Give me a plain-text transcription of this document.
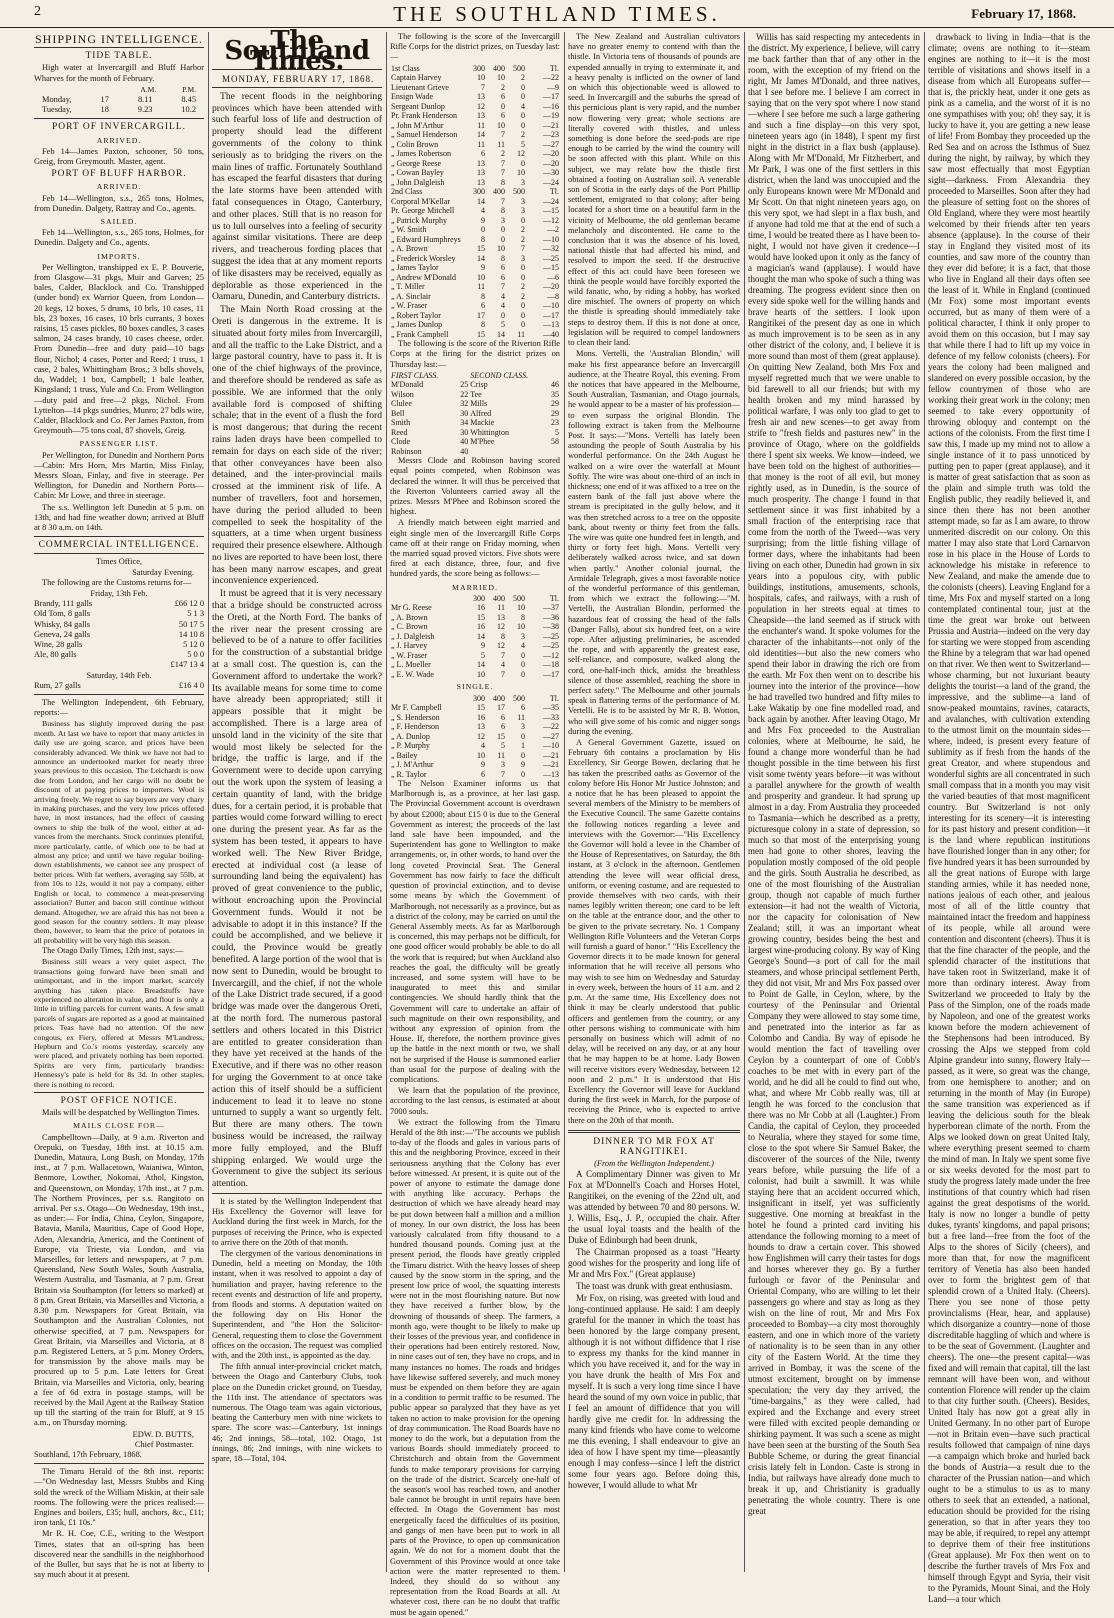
2	THE SOUTHLAND TIMES.	February 17, 1868.
SHIPPING INTELLIGENCE.
TIDE TABLE.

High water at Invercargill and Bluff Harbor Wharves for the month of February.

A.M.	P.M.
Monday,	17	8.11	8.45
Tuesday,	18	9.23	10.2
PORT OF INVERCARGILL.
ARRIVED.

Feb 14—James Paxton, schooner, 50 tons, Greig, from Greymouth. Master, agent.

PORT OF BLUFF HARBOR.
ARRIVED.

Feb 14—Wellington, s.s., 265 tons, Holmes, from Dunedin. Dalgety, Rattray and Co., agents.

SAILED.

Feb 14—Wellington, s.s., 265 tons, Holmes, for Dunedin. Dalgety and Co., agents.

IMPORTS.

Per Wellington, transhipped ex E. P. Bouverie, from Glasgow—31 pkgs, Muir and Garven; 25 bales, Calder, Blacklock and Co. Transhipped (under bond) ex Warrior Queen, from London—20 kegs, 12 boxes, 5 drums, 10 brls, 10 cases, 11 bls, 23 boxes, 16 cases, 10 brls currants, 3 boxes raisins, 15 cases pickles, 80 boxes candles, 3 cases salmon, 24 cases brandy, 10 cases cheese, order. From Dunedin—free and duty paid—10 bags flour, Nichol; 4 cases, Porter and Reed; 1 truss, 1 case, 2 bales, Whittingham Bros.; 3 bdls shovels, do, Waddel; 1 box, Campbell; 1 bale leather, Kingsland; 1 truss, Yule and Co. From Wellington—duty paid and free—2 pkgs, Nichol. From Lyttelton—14 pkgs sundries, Munro; 27 bdls wire, Calder, Blacklock and Co. Per James Paxton, from Greymouth—75 tons coal, 87 shovels, Greig.

PASSENGER LIST.

Per Wellington, for Dunedin and Northern Ports—Cabin: Mrs Horn, Mrs Martin, Miss Finlay, Messrs Sloan, Finlay, and five in steerage. Per Wellington, for Dunedin and Northern Ports—Cabin: Mr Lowe, and three in steerage.

The s.s. Wellington left Dunedin at 5 p.m. on 13th, and had fine weather down; arrived at Bluff at 8 30 a.m. on 14th.

COMMERCIAL INTELLIGENCE.
Times Office,
Saturday Evening.

The following are the Customs returns for—

Friday, 13th Feb.
Brandy, 111 galls	£66 12 0
Old Tom, 8 galls	5 1 3
Whisky, 84 galls	50 17 5
Geneva, 24 galls	14 10 8
Wine, 28 galls	5 12 0
Ale, 80 galls	5 0 0
£147 13 4
Saturday, 14th Feb.
Rum, 27 galls	£16 4 0

The Wellington Independent, 6th February, reports:—

Business has slightly improved during the past month. At last we have to report that many articles in daily use are going scarce, and prices have been considerably advanced. We think we have not had to announce an undertooked market for nearly three years previous to this occasion. The Leichardt is now due from London, and her cargo will no doubt be discount of at paying prices to importers. Wool is arriving freely. We regret to say buyers are very chary in making purchases, and the very low prices offered have, in most instances, had the effect of causing owners to ship the bulk of the wool, either at ad-vances from the merchants. Stock continues plentiful, more particularly, cattle, of which one to be had at almost any price; and until we have regular boiling-down establishments, we cannot see any prospect of better prices. With fat wethers, averaging say 55lb, at from 10s to 12s, would it not pay a company, either English or local, to commence a meat-preserving association? Butter and bacon still continue without demand. Altogether, we are afraid this has not been a good season for the country settlers. It may please them, however, to learn that the price of potatoes in all probability will be very high this season.

The Otago Daily Times, 12th inst, says:—

Business still wears a very quiet aspect. The transactions going forward have been small and unimportant, and in the import market, scarcely anything has taken place. Breadstuffs have experienced no alteration in value, and flour is only a little in trifling parcels for current wants. A few small parcels of sugars are reported as a good at maintained prices. Teas have had no attention. Of the new congous, ex Fiery, offered at Messrs M'Landress, Hepburn and Co.'s rooms yesterday, scarcely any were placed, and privately nothing has been reported. Spirits are very firm, particularly brandies: Hennessy's pale is held for 8s 3d. In other staples, there is nothing to record.

POST OFFICE NOTICE.

Mails will be despatched by Wellington Times.

MAILS CLOSE FOR—

Campbelltown—Daily, at 9 a.m. Riverton and Orepuki, on Tuesday, 18th inst. at 10.15 a.m. Dunedin, Mataura, Long Bush, on Monday, 17th inst., at 7 p.m. Wallacetown, Waianiwa, Winton, Benmore, Lowther, Nokomai, Athol, Kingston, and Queenstown, on Monday, 17th inst., at 7 p.m. The Northern Provinces, per s.s. Rangitoto on arrival. Per s.s. Otago—On Wednesday, 19th inst., as under:— For India, China, Ceylon, Singapore, Batavia, Manila, Mauritius, Cape of Good Hope, Aden, Alexandria, America, and the Continent of Europe, via Trieste, via London, and via Marseilles, for letters and newspapers, at 7 p.m. Queensland, New South Wales, South Australia, Western Australia, and Tasmania, at 7 p.m. Great Britain via Southampton (for letters so marked) at 8 p.m. Great Britain, via Marseilles and Victoria, a 8.30 p.m. Newspapers for Great Britain, via Southampton and the Australian Colonies, not otherwise specified, at 7 p.m. Newspapers for Great Britain, via Marseilles and Victoria, at 8 p.m. Registered Letters, at 5 p.m. Money Orders, for transmission by the above mails may be procured up to 5 p.m. Late letters for Great Britain, via Marseilles and Victoria, only, bearing a fee of 6d extra in postage stamps, will be received by the Mail Agent at the Railway Station up till the starting of the train for Bluff, at 9 15 a.m., on Thursday morning.

EDW. D. BUTTS,
Chief Postmaster.
Southland, 17th February, 1868.

The Timaru Herald of the 8th inst. reports:—"On Wednesday last, Messrs Stubbs and King sold the wreck of the William Miskin, at their sale rooms. The following were the prices realised:—Engines and boilers, £35; hull, anchors, &c., £11; iron tank, £1 10s."

Mr R. H. Coe, C.E., writing to the Westport Times, states that an oil-spring has been discovered near the sandhills in the neighborhood of the Buller, but says that he is not at liberty to say much about it at present.

The Southland Times.
MONDAY, FEBRUARY 17, 1868.

The recent floods in the neighboring provinces which have been attended with such fearful loss of life and destruction of property should lead the different governments of the colony to think seriously as to bridging the rivers on the main lines of traffic. Fortunately Southland has escaped the fearful disasters that during the late storms have been attended with fatal consequences in Otago, Canterbury, and other places. Still that is no reason for us to lull ourselves into a feeling of security against similar visitations. There are deep rivers, and treacherous fording places that suggest the idea that at any moment reports of like disasters may be received, equally as deplorable as those experienced in the Oamaru, Dunedin, and Canterbury districts.

The Main North Road crossing at the Oreti is dangerous in the extreme. It is situated about forty miles from Invercargill, and all the traffic to the Lake District, and a large pastoral country, have to pass it. It is one of the chief highways of the province, and therefore should be rendered as safe as possible. We are informed that the only available ford is composed of shifting schale; that in the event of a flush the ford is most dangerous; that during the recent rains laden drays have been compelled to remain for days on each side of the river; that other conveyances have been also detained, and the inter-provincial mails crossed at the imminent risk of life. A number of travellers, foot and horsemen, have during the period alluded to been compelled to seek the hospitality of the squatters, at a time when urgent business required their presence elsewhere. Although no lives are reported to have been lost, there has been many narrow escapes, and great inconvenience experienced.

It must be agreed that it is very necessary that a bridge should be constructed across the Oreti, at the North Ford. The banks of the river near the present crossing are believed to be of a nature to offer facilities for the construction of a substantial bridge at a small cost. The question is, can the Government afford to undertake the work? Its available means for some time to come have already been appropriated; still it appears possible that it might be accomplished. There is a large area of unsold land in the vicinity of the site that would most likely be selected for the bridge, the traffic is large, and if the Government were to decide upon carrying out the work upon the system of leasing a certain quantity of land, with the bridge dues, for a certain period, it is probable that parties would come forward willing to erect one during the present year. As far as the system has been tested, it appears to have worked well. The New River Bridge, erected at individual cost (a lease of surrounding land being the equivalent) has proved of great convenience to the public, without encroaching upon the Provincial Government funds. Would it not be advisable to adopt it in this instance? If the could be accomplished, and we believe it could, the Province would be greatly benefited. A large portion of the wool that is now sent to Dunedin, would be brought to Invercargill, and the chief, if not the whole of the Lake District trade secured, if a good bridge was made over the dangerous Oreti, at the north ford. The numerous pastoral settlers and others located in this District are entitled to greater consideration than they have yet received at the hands of the Executive, and if there was no other reason for urging the Government to at once take action this of itself should be a sufficient inducement to lead it to leave no stone unturned to supply a want so urgently felt. But there are many others. The town business would be increased, the railway more fully employed, and the Bluff shipping enlarged. We would urge the Government to give the subject its serious attention.

It is stated by the Wellington Independent that His Excellency the Governor will leave for Auckland during the first week in March, for the purposes of receiving the Prince, who is expected to arrive there on the 20th of that month.

The clergymen of the various denominations in Dunedin, held a meeting on Monday, the 10th instant, when it was resolved to appoint a day of humiliation and prayer, having reference to the recent events and destruction of life and property, from floods and storms. A deputation waited on the following day on His Honor the Superintendent, and "the Hon the Solicitor-General, requesting them to close the Government offices on the occasion. The request was complied with, and the 20th inst., is appointed as the day.

The fifth annual inter-provincial cricket match, between the Otago and Canterbury Clubs, took place on the Dunedin cricket ground, on Tuesday, the 11th inst. The attendance of spectators was numerous. The Otago team was again victorious, beating the Canterbury men with nine wickets to spare. The score was:—Canterbury, 1st innings 46; 2nd innings, 58—total, 102. Otago, 1st innings, 86; 2nd innings, with nine wickets to spare, 18—Total, 104.

The following is the score of the Invercargill Rifle Corps for the district prizes, on Tuesday last:—

1st Class	300	400	500	Tl.
Captain Harvey	10	10	2	—22
Lieutenant Grieve	7	2	0	—9
Ensign Wade	13	6	0	—17
Sergeant Dunlop	12	0	4	—16
Pr. Frank Henderson	13	6	0	—19
„ John M'Arthur	11	10	0	—21
„ Samuel Henderson	14	7	2	—23
„ Colin Brown	11	11	5	—27
„ James Robertson	6	2	12	—20
„ George Reese	13	7	0	—20
„ Cowan Bayley	13	7	10	—30
„ John Dalgleish	13	8	3	—24
2nd Class	300	400	500	Tl.
Corporal M'Kellar	14	7	3	—24
Pr. George Mitchell	4	8	3	—15
„ Patrick Murphy	9	3	0	—12
„ W. Smith	0	0	2	—2
„ Edward Humphreys	8	0	2	—10
„ A. Brown	15	10	7	—32
„ Frederick Worsley	14	8	3	—25
„ James Taylor	9	6	0	—15
„ Andrew M'Donald	10	6	0	—6
„ T. Miller	11	7	2	—20
„ A. Sinclair	8	4	2	—8
„ W. Fraser	6	4	0	—10
„ Robert Taylor	17	0	0	—17
„ James Dunlop	8	5	0	—13
„ Frank Campbell	15	14	11	—40

The following is the score of the Riverton Rifle Corps at the firing for the district prizes on Thursday last:—

FIRST CLASS.		SECOND CLASS.	
M'Donald	25	Crisp	46
Wilson	22	Tee	35
Clulee	32	Mills	29
Bell	30	Alfred	29
Smith	34	Mackie	23
Reed	30	Whittington	5
Clode	40	M'Phee	58
Robinson	40		

Messrs Clode and Robinson having scored equal points competed, when Robinson was declared the winner. It will thus be perceived that the Riverton Volunteers carried away all the prizes. Messrs M'Phee and Robinson scored the highest.

A friendly match between eight married and eight single men of the Invercargill Rifle Corps came off at their range on Friday morning, when the married squad proved victors. Five shots were fired at each distance, three, four, and five hundred yards, the score being as follows:—

MARRIED.
	300	400	500	Tl.
Mr G. Reese	16	11	10	—37
„ A. Brown	15	13	8	—36
„ C. Brown	16	12	10	—38
„ J. Dalgleish	14	8	3	—25
„ J. Harvey	9	12	4	—25
„ W. Fraser	5	7	0	—12
„ L. Moeller	14	4	0	—18
„ E. W. Wade	10	7	0	—17
SINGLE.
	300	400	500	Tl.
Mr F. Campbell	15	17	6	—35
„ S. Henderson	16	6	11	—33
„ F. Henderson	13	6	3	—22
„ A. Dunlop	12	15	0	—27
„ P. Murphy	4	5	1	—10
„ Bailey	10	11	0	—21
„ J. M'Arthur	9	3	9	—21
„ R. Taylor	6	7	0	—13

The Nelson Examiner informs us that Marlborough is, as a province, at her last gasp. The Provincial Government account is overdrawn by about £2000; about £15 0 is due to the General Government as interest; the proceeds of the last land sale have been impounded, and the Superintendent has gone to Wellington to make arrangements, or, in other words, to hand over the long coveted Provincial Seat. The General Government has now fairly to face the difficult question of provincial extinction, and to devise some means by which the Government of Marlborough, not necessarily as a province, but as a district of the colony, may be carried on until the General Assembly meets. As far as Marlborough is concerned, this may perhaps not be difficult, for one good officer would probably be able to do all the work that is required; but when Auckland also reaches the goal, the difficulty will be greatly increased, and some system will have to be inaugurated to meet this and similar contingencies. We should hardly think that the Government will care to undertake an affair of such magnitude on their own responsibility, and without any expression of opinion from the House. If, therefore, the northern province gives up the battle in the next month or two, we shall not be surprised if the House is summoned earlier than usual for the purpose of dealing with the complications.

We learn that the population of the province, according to the last census, is estimated at about 7000 souls.

We extract the following from the Timaru Herald of the 8th inst:—"The accounts we publish to-day of the floods and gales in various parts of this and the neighboring Province, exceed in their seriousness anything that the Colony has ever before witnessed. At present, it is quite out of the power of anyone to estimate the damage done with anything like accuracy. Perhaps the destruction of which we have already heard may be put down between half a million and a million of money. In our own district, the loss has been variously calculated from fifty thousand to a hundred thousand pounds. Coming just at the present period, the floods have greatly crippled the Timaru district. With the heavy losses of sheep caused by the snow storm in the spring, and the present low price of wool, the squatting interests were not in the most flourishing nature. But now they have received a further blow, by the drowning of thousands of sheep. The farmers, a month ago, were thought to be likely to make up their losses of the previous year, and confidence in their operations had been entirely restored. Now, in nine cases out of ten, they have no crops, and in many instances no homes. The roads and bridges have likewise suffered severely, and much money must be expended on them before they are again in a condition to permit traffic to be resumed. The public appear so paralyzed that they have as yet taken no action to make provision for the opening of dray communication. The Road Boards have no money to do the work, but a deputation from the various Boards should immediately proceed to Christchurch and obtain from the Government funds to make temporary provisions for carrying on the trade of the district. Scarcely one-half of the season's wool has reached town, and another bale cannot be brought in until repairs have been effected. In Otago the Government has most energetically faced the difficulties of its position, and gangs of men have been put to work in all parts of the Province, to open up communication again. We do not for a moment doubt that the Government of this Province would at once take action were the matter represented to them. Indeed, they should do so without any representation from the Road Boards at all. At whatever cost, there can be no doubt that traffic must be again opened."

The New Zealand and Australian cultivators have no greater enemy to contend with than the thistle. In Victoria tens of thousands of pounds are expended annually in trying to exterminate it, and a heavy penalty is inflicted on the owner of land on which this objectionable weed is allowed to seed. In Invercargill and the suburbs the spread of this pernicious plant is very rapid, and the number now flowering very great; whole sections are literally covered with thistles, and unless something is done before the seed-pods are ripe enough to be carried by the wind the country will be soon affected with this plant. While on this subject, we may relate how the thistle first obtained a footing on Australian soil. A venerable son of Scotia in the early days of the Port Phillip settlement, emigrated to that colony; after being located for a short time on a beautiful farm in the vicinity of Melbourne, the old gentleman became melancholy and discontented. He came to the conclusion that it was the absence of his loved, national thistle that had affected his mind, and resolved to import the seed. If the destructive effect of this act could have been foreseen we think the people would have forcibly exported the wild fanatic, who, by riding a hobby, has worked dire mischief. The owners of property on which the thistle is spreading should immediately take steps to destroy them. If this is not done at once, legislation will be required to compel landowners to clean their land.

Mons. Vertelli, the 'Australian Blondin,' will make his first appearance before an Invercargill audience, at the Theatre Royal, this evening. From the notices that have appeared in the Melbourne, South Australian, Tasmanian, and Otago journals, he would appear to be a master of his profession—to even surpass the original Blondin. The following extract is taken from the Melbourne Post. It says:—"Mons. Vertelli has lately been astounding the people of South Australia by his wonderful performance. On the 24th August he walked on a wire over the waterfall at Mount Softly. The wire was about one-third of an inch in thickness; one end of it was affixed to a tree on the eastern bank of the fall just above where the stream is precipitated in the gully below, and it was then stretched across to a tree on the opposite bank, about twenty or thirty feet from the falls. The wire was quite one hundred feet in length, and thirty or forty feet high. Mons. Vertelli very deliberately walked across twice, and sat down when partly." Another colonial journal, the Armidale Telegraph, gives a most favorable notice of the wonderful performance of this gentleman, from which we extract the following:—"M. Vertelli, the Australian Blondin, performed the hazardous feat of crossing the head of the falls (Danger Falls), about six hundred feet, on a wire rope. After adjusting preliminaries, he ascended the rope, and with apparently the greatest ease, self-reliance, and composure, walked along the cord, one-half-inch thick, amidst the breathless silence of those assembled, reaching the shore in perfect safety." The Melbourne and other journals speak in flattering terms of the performance of M. Vertelli. He is to be assisted by Mr R. B. Wotton, who will give some of his comic and nigger songs during the evening.

A General Government Gazette, issued on February 6th contains a proclamation by His Excellency, Sir George Bowen, declaring that he has taken the prescribed oaths as Governor of the colony before His Honor Mr Justice Johnston; and a notice that he has been pleased to appoint the several members of the Ministry to be members of the Executive Council. The same Gazette contains the following notices regarding a levee and interviews with the Governor:—"His Excellency the Governor will hold a levee in the Chamber of the House of Representatives, on Saturday, the 8th instant, at 3 o'clock in the afternoon. Gentlemen attending the levee will wear official dress, uniform, or evening costume, and are requested to provide themselves with two cards, with their names legibly written thereon; one card to be left on the table at the entrance door, and the other to be given to the private secretary. No. 1 Company Wellington Rifle Volunteers and the Veteran Corps will furnish a guard of honor." "His Excellency the Governor directs it to be made known for general information that he will receive all persons who may wish to see him on Wednesday and Saturday in every week, between the hours of 11 a.m. and 2 p.m. At the same time, His Excellency does not think it may be clearly understood that public officers and gentlemen from the country, or any other persons wishing to communicate with him personally on business which will admit of no delay, will be received on any day, or at any hour that he may happen to be at home. Lady Bowen will receive visitors every Wednesday, between 12 noon and 2 p.m." It is understood that His Excellency the Governor will leave for Auckland during the first week in March, for the purpose of receiving the Prince, who is expected to arrive there on the 20th of that month.

DINNER TO MR FOX AT RANGITIKEI.
(From the Wellington Independent.)

A Complimentary Dinner was given to Mr Fox at M'Donnell's Coach and Horses Hotel, Rangitikei, on the evening of the 22nd ult, and was attended by between 70 and 80 persons. W. J. Willis, Esq., J. P., occupied the chair. After the usual loyal toasts and the health of the Duke of Edinburgh had been drunk,

The Chairman proposed as a toast "Hearty good wishes for the prosperity and long life of Mr and Mrs Fox." (Great applause)

The toast was drunk with great enthusiasm.

Mr Fox, on rising, was greeted with loud and long-continued applause. He said: I am deeply grateful for the manner in which the toast has been honored by the large company present, although it is not without diffidence that I rise to express my thanks for the kind manner in which you have received it, and for the way in you have drunk the health of Mrs Fox and myself. It is such a very long time since I have heard the sound of my own voice in public, that I feel an amount of diffidence that you will hardly give me credit for. In addressing the many kind friends who have come to welcome me this evening, I shall endeavour to give an idea of how I have spent my time—pleasantly enough I may confess—since I left the district some four years ago. Before doing this, however, I would allude to what Mr

Willis has said respecting my antecedents in the district. My experience, I believe, will carry me back farther than that of any other in the room, with the exception of my friend on the right, Mr James M'Donald, and three natives, that I see before me. I believe I am correct in saying that on the very spot where I now stand—where I see before me such a large gathering and such a fine display—on this very spot, nineteen years ago (in 1848), I spent my first night in the district in a flax bush (applause). Along with Mr M'Donald, Mr Fitzherbert, and Mr Park, I was one of the first settlers in this district, when the land was unoccupied and the only Europeans known were Mr M'Donald and Mr Scott. On that night nineteen years ago, on this very spot, we had slept in a flax bush, and if anyone had told me that at the end of such a time, I would be treated there as I have been to-night, I would not have given it credence—I would have looked upon it only as the fancy of a magician's wand (applause). I would have thought the man who spoke of such a thing was dreaming. The progress evident since then on every side spoke well for the willing hands and brave hearts of the settlers. I look upon Rangitikei of the present day as one in which as much improvement is to be seen as in any other district of the colony, and, I believe it is more sound than most of them (great applause). On quitting New Zealand, both Mrs Fox and myself regretted much that we were unable to bid farewell to all our friends; but with my health broken and my mind harassed by political warfare, I was only too glad to get to fresh air and new scenes—to get away from strife to "fresh fields and pastures new" in the province of Otago, where on the goldfields there I spent six weeks. We know—indeed, we have been told on the highest of authorities—that money is the root of all evil, but money rightly used, as in Dunedin, is the source of much prosperity. The change I found in that settlement since it was first inhabited by a small fraction of the enterprising race that come from the north of the Tweed—was very surprising; from the little fishing village of former days, where the inhabitants had been living on each other, Dunedin had grown in six years into a populous city, with public buildings, institutions, amusements, schools, hospitals, cafes, and railways, with a rush of population in her streets equal at times to Cheapside—the land seemed as if struck with the enchanter's wand. It spoke volumes for the character of the inhabitants—not only of the old identities—but also the new comers who spend their labor in drawing the rich ore from the earth. Mr Fox then went on to describe his journey into the interior of the province—how he had travelled two hundred and fifty miles to Lake Wakatip by one fine modelled road, and back again by another. After leaving Otago, Mr and Mrs Fox proceeded to the Australian colonies, where at Melbourne, he said, he found a change more wonderful than he had thought possible in the time between his first visit some twenty years before—it was without a parallel anywhere for the growth of wealth and prosperity and grandeur. It had sprung up almost in a day. From Australia they proceeded to Tasmania—which he described as a pretty, picturesque colony in a state of depression, so much so that most of the enterprising young men had gone to other shores, leaving the population mostly composed of the old people and the girls. South Australia he described, as one of the most flourishing of the Australian group, though not capable of much further extension—it had not the wealth of Victoria, nor the capacity for colonisation of New Zealand; still, it was an important wheat growing country, besides being the best and largest wine-producing colony. By way of King George's Sound—a port of call for the mail steamers, and whose principal settlement Perth, they did not visit, Mr and Mrs Fox passed over to Point de Galle, in Ceylon, where, by the courtesy of the Peninsular and Oriental Company they were allowed to stay some time, and penetrated into the interior as far as Colombo and Candia. By way of episode he would mention the fact of travelling over Ceylon by a counterpart of one of Cobb's coaches to be met with in every part of the world, and he did all he could to find out who, what, and where Mr Cobb really was, till at length he was forced to the conclusion that there was no Mr Cobb at all (Laughter.) From Candia, the capital of Ceylon, they proceeded to Neuralia, where they stayed for some time, close to the spot where Sir Samuel Baker, the discoverer of the sources of the Nile, twenty years before, while pursuing the life of a colonist, had built a sawmill. It was while staying here that an accident occurred which, insignificant in itself, yet was sufficiently suggestive. One morning at breakfast in the hotel he found a printed card inviting his attendance the following morning to a meet of hounds to draw a certain cover. This showed how Englishmen will carry their tastes for dogs and horses wherever they go. By a further furlough or favor of the Peninsular and Oriental Company, who are willing to let their passengers go where and stay as long as they wish on the line of rout, Mr and Mrs Fox proceeded to Bombay—a city most thoroughly eastern, and one in which more of the variety of nationality is to be seen than in any other city of the Eastern World. At the time they arrived in Bombay, it was the scene of the utmost excitement, brought on by immense speculation; the very day they arrived, the "time-bargains," as they were called, had expired and the Exchange and every street were filled with excited people demanding or shirking payment. It was such a scene as might have been seen at the bursting of the South Sea Bubble Scheme, or during the great financial crisis lately felt in London. Caste is strong in India, but railways have already done much to break it up, and Christianity is gradually penetrating the whole country. There is one great

drawback to living in India—that is the climate; ovens are nothing to it—steam engines are nothing to it—it is the most terrible of visitations and shows itself in a disease from which all Europeans suffer—that is, the prickly heat, under it one gets as pink as a camelia, and the worst of it is no one sympathises with you; oh! they say, it is lucky to have it, you are getting a new lease of life! From Bombay they proceeded up the Red Sea and on across the Isthmus of Suez during the night, by railway, by which they saw most effectually that most Egyptian sight—darkness. From Alexandria they proceeded to Marseilles. Soon after they had the pleasure of setting foot on the shores of Old England, where they were most heartily welcomed by their friends after ten years absence (applause). In the course of their stay in England they visited most of its counties, and saw more of the country than they ever did before; it is a fact, that those who live in England all their days often see the least of it. While in England (continued (Mr Fox) some most important events occurred, but as many of them were of a political character, I think it only proper to avoid them on this occasion, but I may say that while there I had to lift up my voice in defence of my fellow colonists (cheers). For years the colony had been maligned and slandered on every possible occasion, by the fellow countrymen of those who are working their great work in the colony; men seemed to take every opportunity of throwing obloquy and contempt on the actions of the colonists. From the first time I saw this, I made up my mind not to allow a single instance of it to pass unnoticed by putting pen to paper (great applause), and it is matter of great satisfaction that as soon as the plain and simple truth was told the English public, they readily believed it, and since then there has not been another attempt made, so far as I am aware, to throw unmerited discredit on our colony. On this matter I may also state that Lord Carnarvon rose in his place in the House of Lords to acknowledge his mistake in reference to New Zealand, and make the amende due to the colonists (cheers). Leaving England for a time, Mrs Fox and myself started on a long contemplated continental tour, just at the time the great war broke out between Prussia and Austria—indeed on the very day for starting we were stopped from ascending the Rhine by a telegram that war had opened on that river. We then went to Switzerland—whose charming, but not luxuriant beauty delights the tourist—a land of the grand, the impressive, and the sublime—a land of snow-peaked mountains, ravines, cataracts, and avalanches, with cultivation extending to the utmost limit on the mountain sides—where, indeed, is present every feature of sublimity as if fresh from the hands of the great Creator, and where stupendous and wonderful sights are all concentrated in such small compass that in a month you may visit the varied beauties of that most magnificent country. But Switzerland is not only interesting for its scenery—it is interesting for its past history and present condition—it is the land where republican institutions have flourished longer than in any other; for five hundred years it has been surrounded by all the great nations of Europe with large standing armies, while it has needed none, nations jealous of each other, and jealous most of all of the little country that maintained intact the freedom and happiness of its people, while all around were contention and discontent (cheers). Thus it is that the fine character of the people, and the splendid character of the institutions that have taken root in Switzerland, make it of more than ordinary interest. Away from Switzerland we proceeded to Italy by the Pass of the Simplon, one of the roads made by Napoleon, and one of the greatest works known before the modern achievement of the Stephensons had been introduced. By crossing the Alps we stepped from cold Alpine grandeur into sunny, flowery Italy—passed, as it were, so great was the change, from one hemisphere to another; and on returning in the month of May (in Europe) the same transition was experienced as if leaving the delicious south for the bleak hyperborean climate of the north. From the Alps we looked down on great United Italy, where everything present seemed to charm the mind of man. In Italy we spent some five or six weeks devoted for the most part to study the progress lately made under the free institutions of that country which had risen against the great despotisms of the world. Italy is now no longer a bundle of petty dukes, tyrants' kingdoms, and papal prisons; but a free land—free from the foot of the Alps to the shores of Sicily (cheers), and more than that, for now the magnificent territory of Venetia has also been handed over to form the brightest gem of that splendid crown of a United Italy. (Cheers). There you see none of those petty provincialisms (Hear, hear, and applause) which disorganize a country—none of those discreditable haggling of which and where is to be the seat of Government. (Laughter and cheers). The one—the present capital—was fixed and will remain that capital, till the last remnant will have been won, and without contention Florence will render up the claim to that city further south. (Cheers). Besides, United Italy has now got a great ally in United Germany. In no other part of Europe—not in Britain even—have such practical results followed that campaign of nine days—a campaign which broke and hurled back the bonds of Austria—a result due to the character of the Prussian nation—and which ought to be a stimulus to us as to many others to seek that an extended, a national, education should be provided for the rising generation, so that in after years they too may be able, if required, to repel any attempt to deprive them of their free institutions (Great applause). Mr Fox then went on to describe the further travels of Mrs Fox and himself through Egypt and Syria, their visit to the Pyramids, Mount Sinai, and the Holy Land—a tour which
